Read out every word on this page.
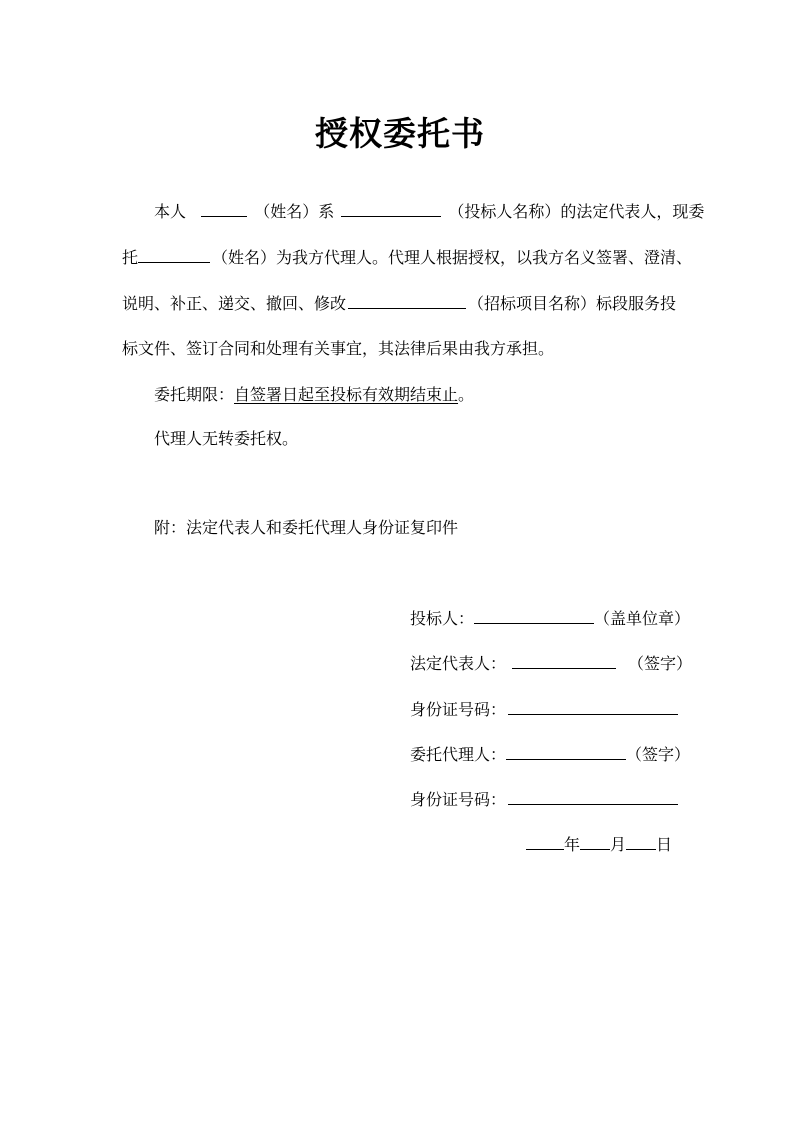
授权委托书
本人	（姓名）系	（投标人名称）的法定代表人，现委
托	（姓名）为我方代理人。代理人根据授权，以我方名义签署、澄清、
说明、补正、递交、撤回、修改	（招标项目名称）标段服务投
标文件、签订合同和处理有关事宜，其法律后果由我方承担。
委托期限：自签署日起至投标有效期结束止。
代理人无转委托权。
附：法定代表人和委托代理人身份证复印件
投标人：	（盖单位章）
法定代表人：	（签字）
身份证号码：
委托代理人：	（签字）
身份证号码：
年 月 日
